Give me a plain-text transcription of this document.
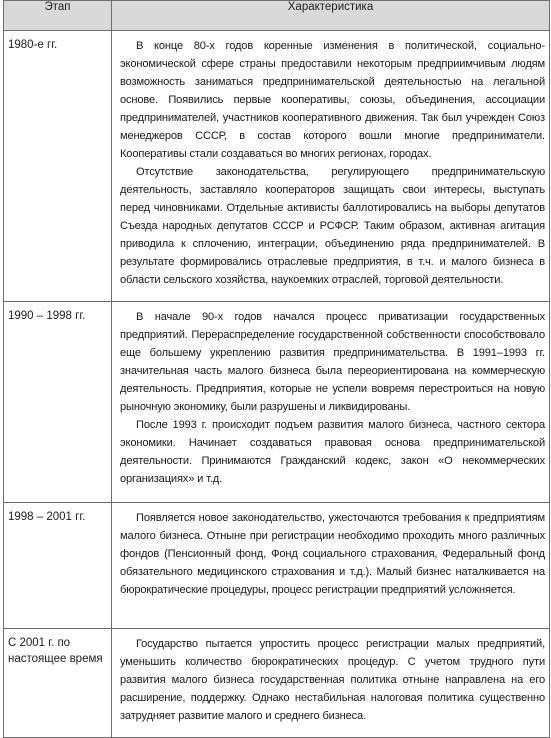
Этап	Характеристика
1980-е гг.	В конце 80-х годов коренные изменения в политической, социально-экономической сфере страны предоставили некоторым предприимчивым людям возможность заниматься предпринимательской деятельностью на легальной основе. Появились первые кооперативы, союзы, объединения, ассоциации предпринимателей, участников кооперативного движения. Так был учрежден Союз менеджеров СССР, в состав которого вошли многие предприниматели. Кооперативы стали создаваться во многих регионах, городах.

Отсутствие законодательства, регулирующего предпринимательскую деятельность, заставляло кооператоров защищать свои интересы, выступать перед чиновниками. Отдельные активисты баллотировались на выборы депутатов Съезда народных депутатов СССР и РСФСР. Таким образом, активная агитация приводила к сплочению, интеграции, объединению ряда предпринимателей. В результате формировались отраслевые предприятия, в т.ч. и малого бизнеса в области сельского хозяйства, наукоемких отраслей, торговой деятельности.

1990 – 1998 гг.	В начале 90-х годов начался процесс приватизации государственных предприятий. Перераспределение государственной собственности способствовало еще большему укреплению развития предпринимательства. В 1991–1993 гг. значительная часть малого бизнеса была переориентирована на коммерческую деятельность. Предприятия, которые не успели вовремя перестроиться на новую рыночную экономику, были разрушены и ликвидированы.

После 1993 г. происходит подъем развития малого бизнеса, частного сектора экономики. Начинает создаваться правовая основа предпринимательской деятельности. Принимаются Гражданский кодекс, закон «О некоммерческих организациях» и т.д.

1998 – 2001 гг.	Появляется новое законодательство, ужесточаются требования к предприятиям малого бизнеса. Отныне при регистрации необходимо проходить много различных фондов (Пенсионный фонд, Фонд социального страхования, Федеральный фонд обязательного медицинского страхования и т.д.). Малый бизнес наталкивается на бюрократические процедуры, процесс регистрации предприятий усложняется.

С 2001 г. по настоящее время	Государство пытается упростить процесс регистрации малых предприятий, уменьшить количество бюрократических процедур. С учетом трудного пути развития малого бизнеса государственная политика отныне направлена на его расширение, поддержку. Однако нестабильная налоговая политика существенно затрудняет развитие малого и среднего бизнеса.
